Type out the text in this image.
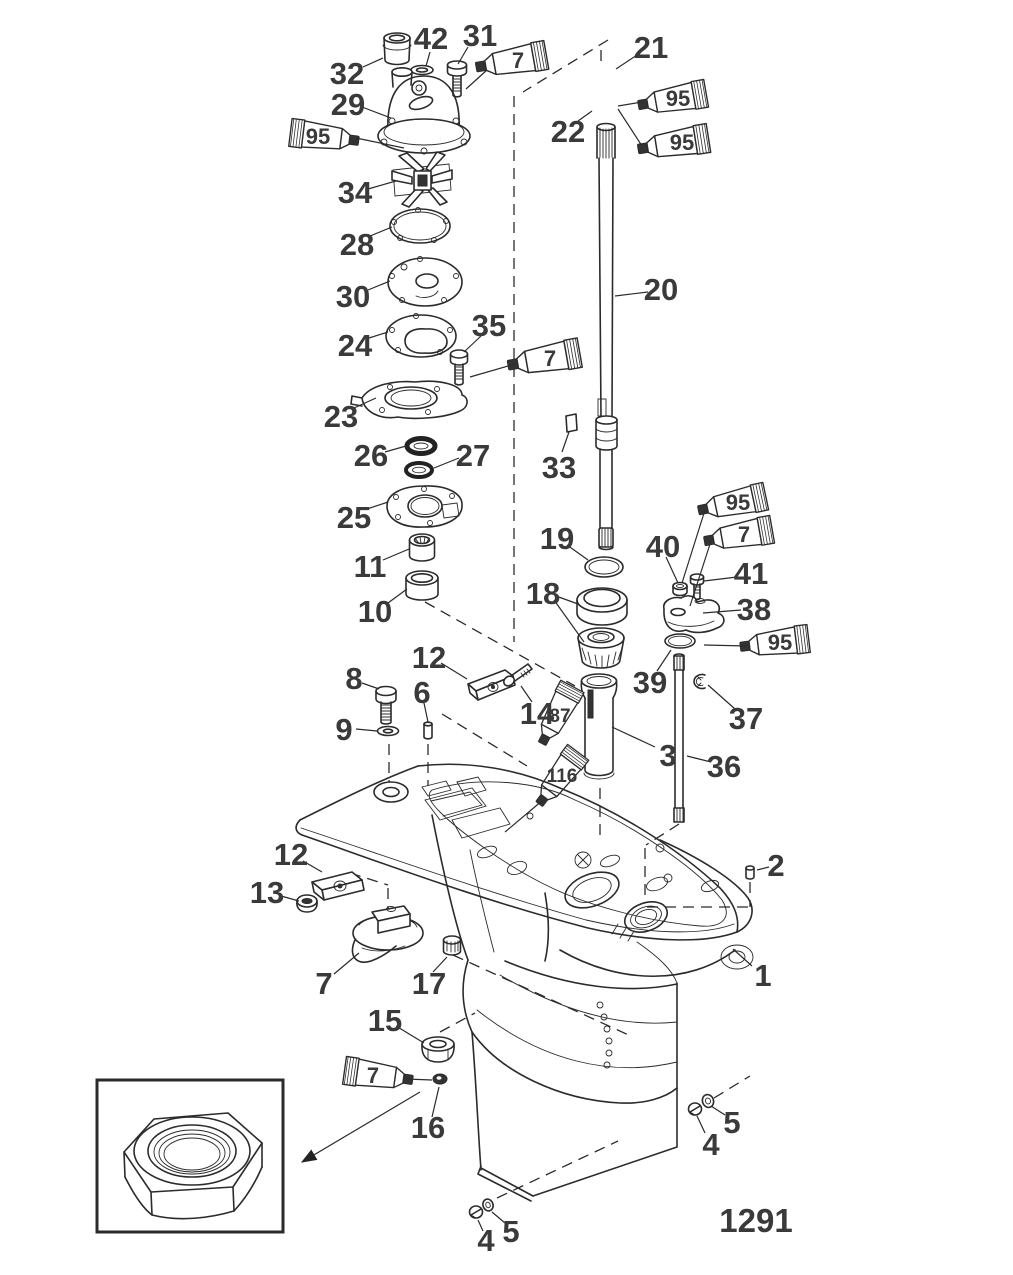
7
95
95
95
7
95
7
95
87
116
7
32
42 31	21
22
29
34
28
30
24
35
23
26 27
25
11
10
20
33
19
18
40
41
38
39
37
36
3
12
14
8
9
6
2
1
12
13
7	17
15
16	4
5
4 5	1291
